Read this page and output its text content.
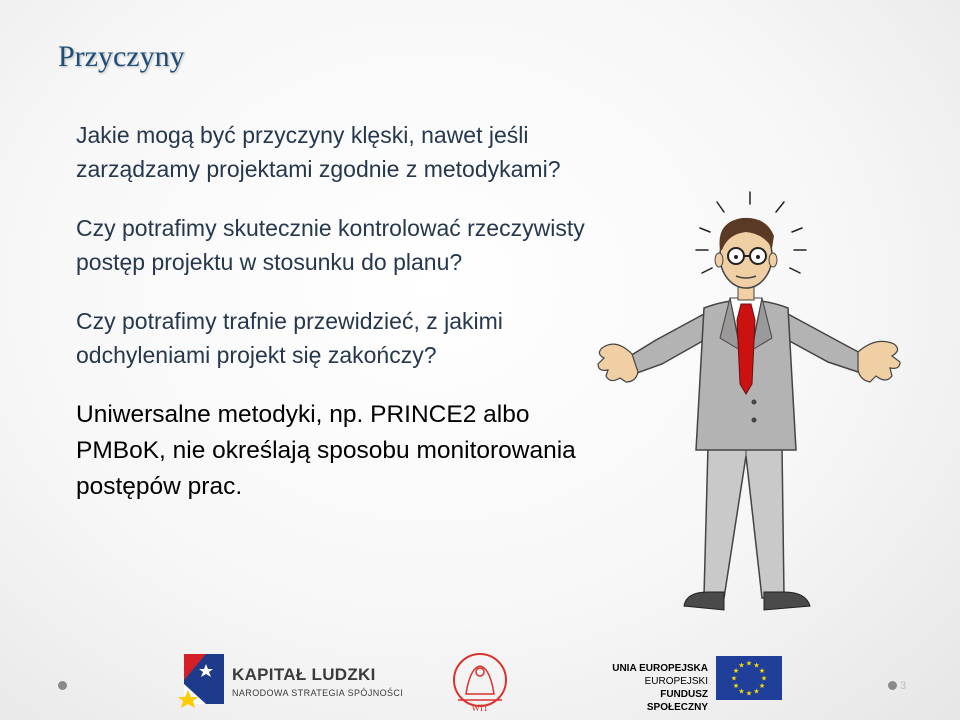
Przyczyny

Jakie mogą być przyczyny klęski, nawet jeśli zarządzamy projektami zgodnie z metodykami?

Czy potrafimy skutecznie kontrolować rzeczywisty postęp projektu w stosunku do planu?

Czy potrafimy trafnie przewidzieć, z jakimi odchyleniami projekt się zakończy?

Uniwersalne metodyki, np. PRINCE2 albo PMBoK, nie określają sposobu monitorowania postępów prac.

3
KAPITAŁ LUDZKI
NARODOWA STRATEGIA SPÓJNOŚCI
WIT
UNIA EUROPEJSKA
EUROPEJSKI
FUNDUSZ SPOŁECZNY
★ ★
★
★
★
★
★
★
★
★
★
★
